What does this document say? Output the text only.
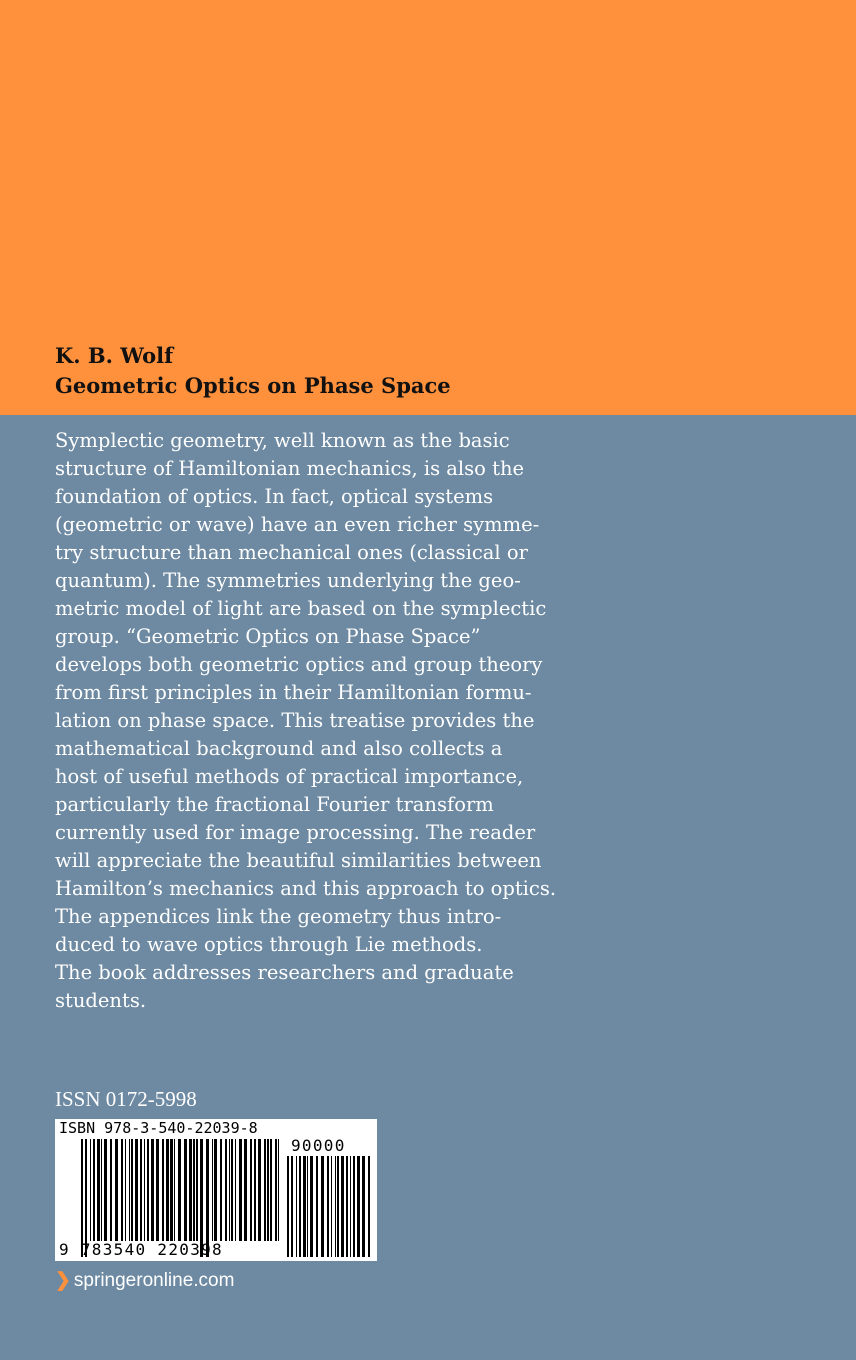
K. B. Wolf
Geometric Optics on Phase Space
Symplectic geometry, well known as the basic
structure of Hamiltonian mechanics, is also the
foundation of optics. In fact, optical systems
(geometric or wave) have an even richer symme-
try structure than mechanical ones (classical or
quantum). The symmetries underlying the geo-
metric model of light are based on the symplectic
group. “Geometric Optics on Phase Space”
develops both geometric optics and group theory
from first principles in their Hamiltonian formu-
lation on phase space. This treatise provides the
mathematical background and also collects a
host of useful methods of practical importance,
particularly the fractional Fourier transform
currently used for image processing. The reader
will appreciate the beautiful similarities between
Hamilton’s mechanics and this approach to optics.
The appendices link the geometry thus intro-
duced to wave optics through Lie methods.
The book addresses researchers and graduate
students.
ISSN 0172-5998
ISBN 978-3-540-22039-8
90000
9 783540 220398
❯ springeronline.com
